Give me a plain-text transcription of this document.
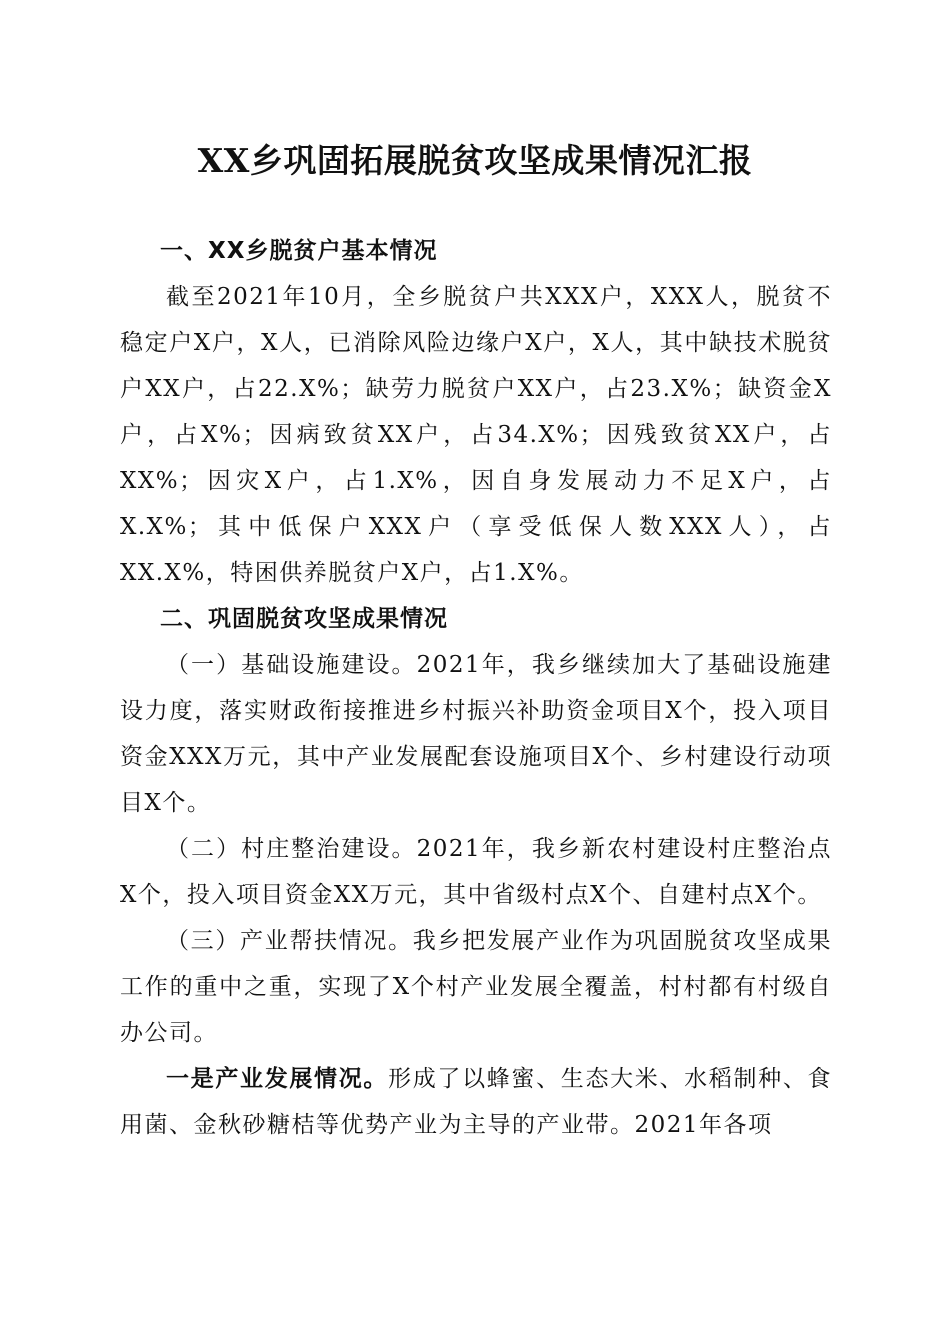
XX乡巩固拓展脱贫攻坚成果情况汇报

一、XX乡脱贫户基本情况

截至2021年10月，全乡脱贫户共XXX户，XXX人，脱贫不稳定户X户，X人，已消除风险边缘户X户，X人，其中缺技术脱贫户XX户，占22.X%；缺劳力脱贫户XX户，占23.X%；缺资金X户，占X%；因病致贫XX户，占34.X%；因残致贫XX户，占XX%；因灾X户，占1.X%，因自身发展动力不足X户，占X.X%；其中低保户XXX户（享受低保人数XXX人），占XX.X%，特困供养脱贫户X户，占1.X%。

二、巩固脱贫攻坚成果情况

（一）基础设施建设。2021年，我乡继续加大了基础设施建设力度，落实财政衔接推进乡村振兴补助资金项目X个，投入项目资金XXX万元，其中产业发展配套设施项目X个、乡村建设行动项目X个。

（二）村庄整治建设。2021年，我乡新农村建设村庄整治点X个，投入项目资金XX万元，其中省级村点X个、自建村点X个。

（三）产业帮扶情况。我乡把发展产业作为巩固脱贫攻坚成果工作的重中之重，实现了X个村产业发展全覆盖，村村都有村级自办公司。

一是产业发展情况。形成了以蜂蜜、生态大米、水稻制种、食用菌、金秋砂糖桔等优势产业为主导的产业带。2021年各项
